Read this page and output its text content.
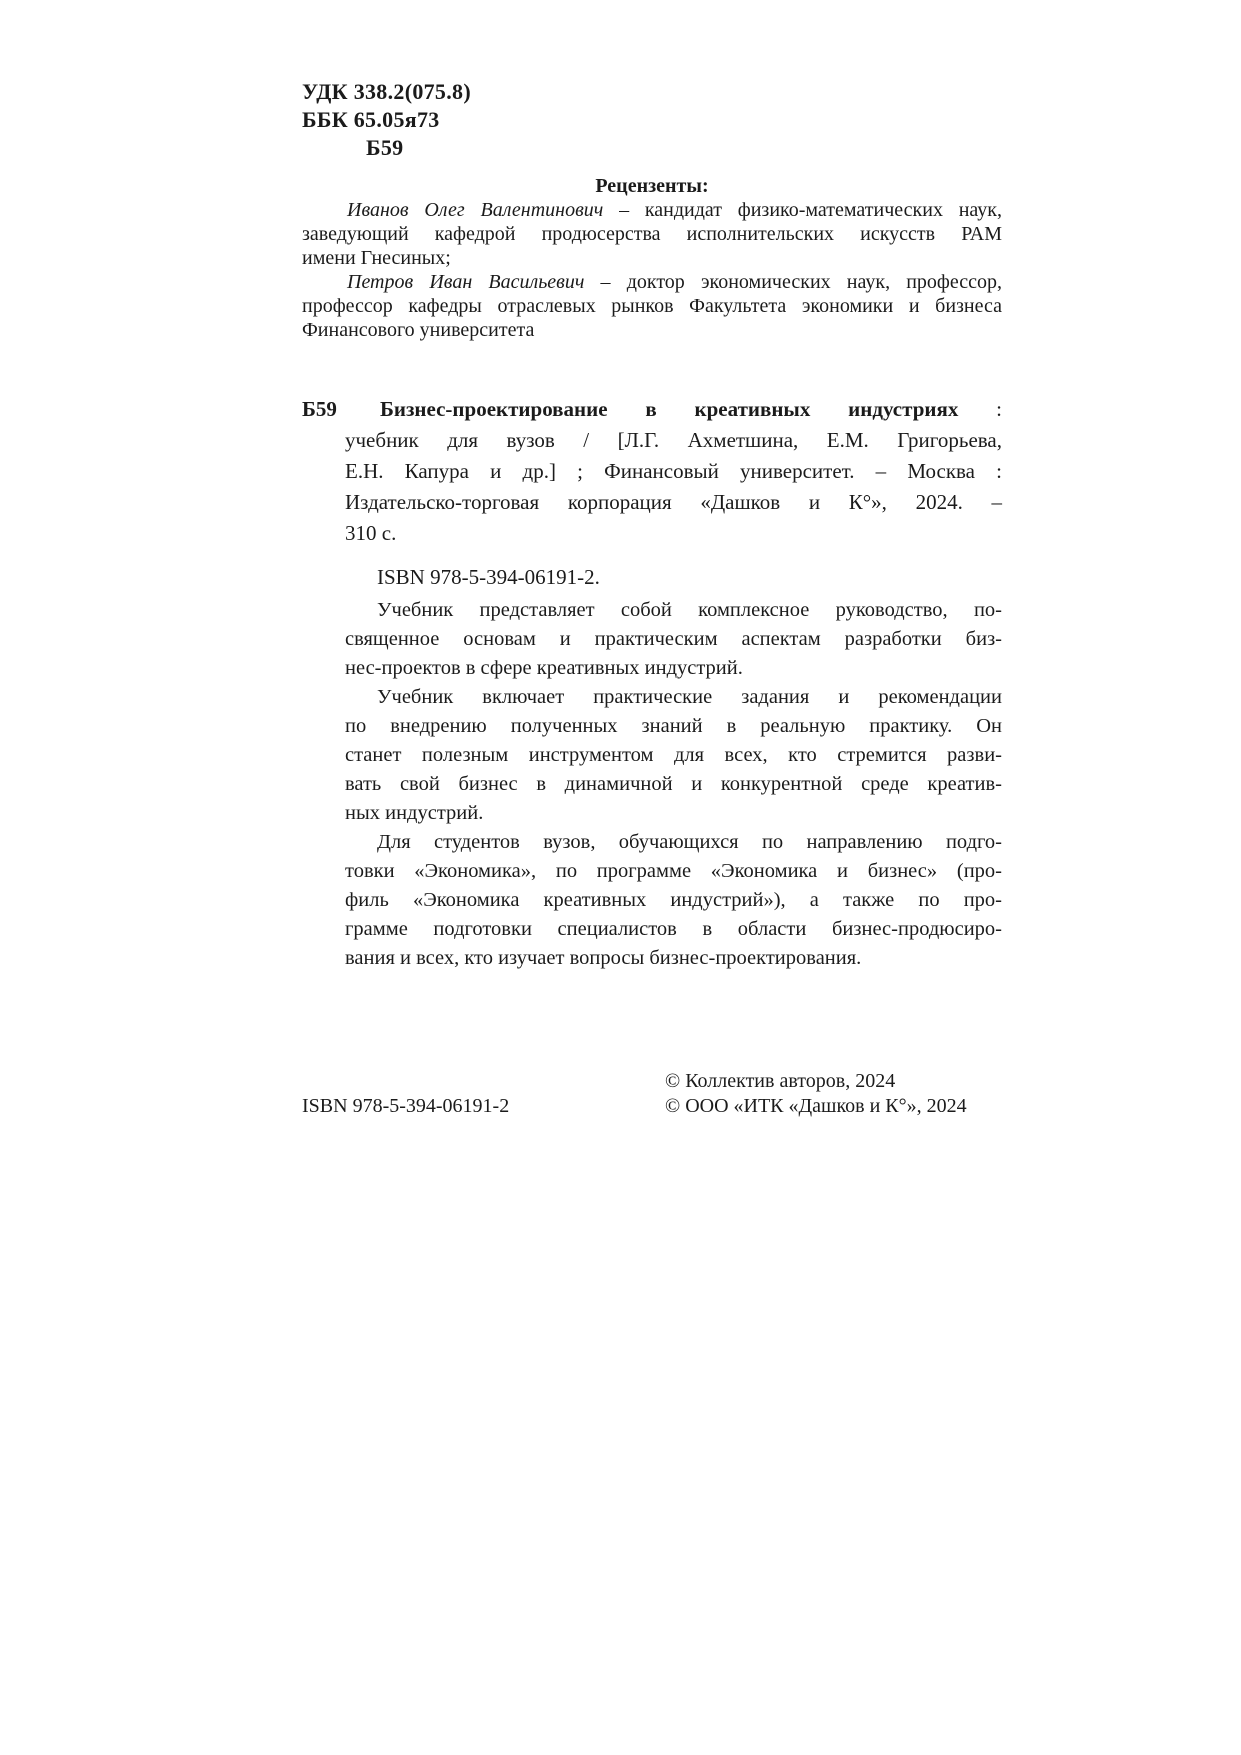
УДК 338.2(075.8)
ББК 65.05я73
Б59
Рецензенты:
Иванов Олег Валентинович – кандидат физико-математических наук,
заведующий кафедрой продюсерства исполнительских искусств РАМ
имени Гнесиных;
Петров Иван Васильевич – доктор экономических наук, профессор,
профессор кафедры отраслевых рынков Факультета экономики и бизнеса
Финансового университета
Б59	Бизнес-проектирование в креативных индустриях :
учебник для вузов / [Л.Г. Ахметшина, Е.М. Григорьева,
Е.Н. Капура и др.] ; Финансовый университет. – Москва :
Издательско-торговая корпорация «Дашков и К°», 2024. –
310 с.
ISBN 978-5-394-06191-2.
Учебник представляет собой комплексное руководство, по-
священное основам и практическим аспектам разработки биз-
нес-проектов в сфере креативных индустрий.
Учебник включает практические задания и рекомендации
по внедрению полученных знаний в реальную практику. Он
станет полезным инструментом для всех, кто стремится разви-
вать свой бизнес в динамичной и конкурентной среде креатив-
ных индустрий.
Для студентов вузов, обучающихся по направлению подго-
товки «Экономика», по программе «Экономика и бизнес» (про-
филь «Экономика креативных индустрий»), а также по про-
грамме подготовки специалистов в области бизнес-продюсиро-
вания и всех, кто изучает вопросы бизнес-проектирования.
ISBN 978-5-394-06191-2
© Коллектив авторов, 2024
© ООО «ИТК «Дашков и К°», 2024
